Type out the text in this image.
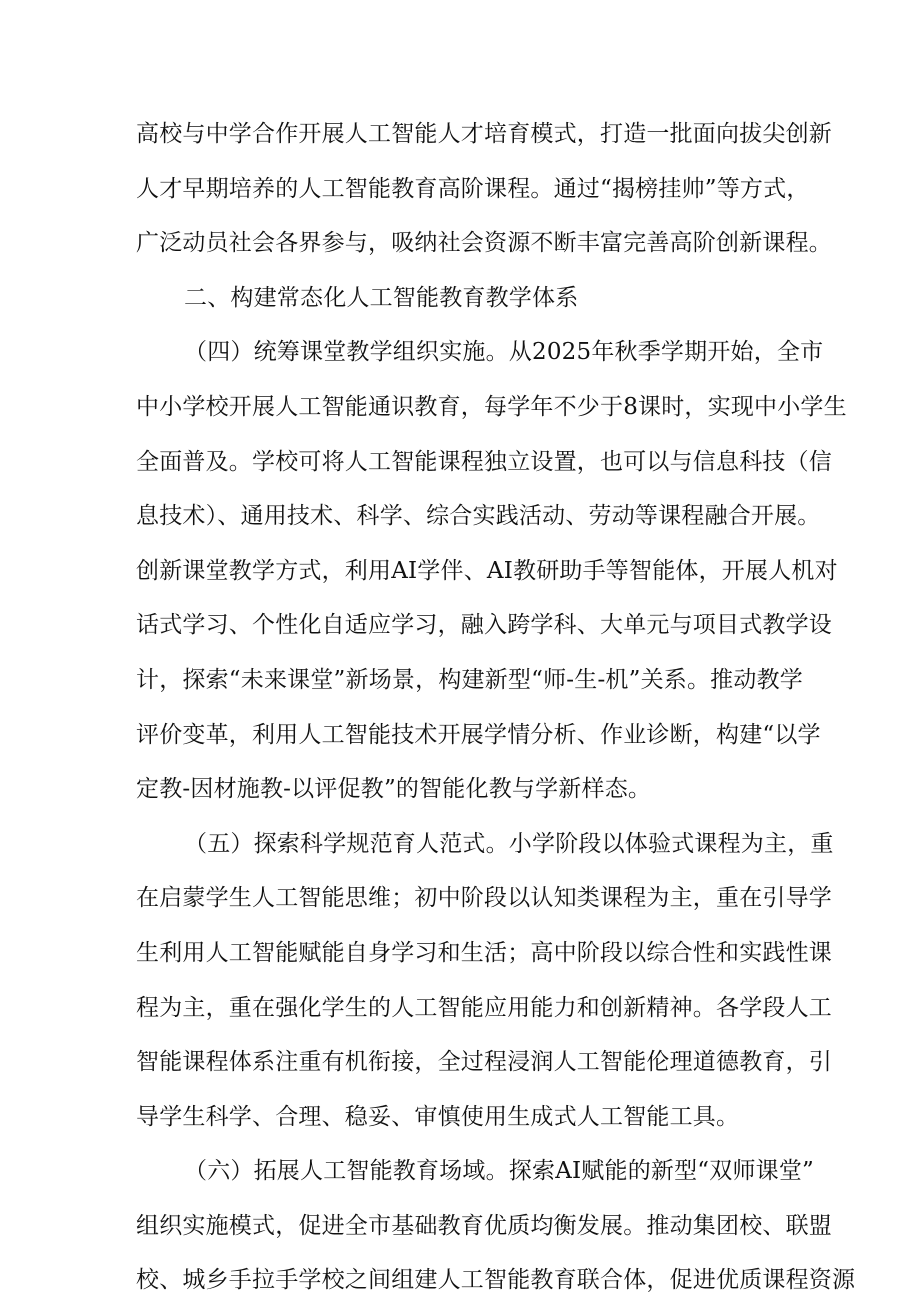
高校与中学合作开展人工智能人才培育模式，打造一批面向拔尖创新
人才早期培养的人工智能教育高阶课程。通过“揭榜挂帅”等方式，
广泛动员社会各界参与，吸纳社会资源不断丰富完善高阶创新课程。
二、构建常态化人工智能教育教学体系
（四）统筹课堂教学组织实施。从2025年秋季学期开始，全市
中小学校开展人工智能通识教育，每学年不少于8课时，实现中小学生
全面普及。学校可将人工智能课程独立设置，也可以与信息科技（信
息技术）、通用技术、科学、综合实践活动、劳动等课程融合开展。
创新课堂教学方式，利用AI学伴、AI教研助手等智能体，开展人机对
话式学习、个性化自适应学习，融入跨学科、大单元与项目式教学设
计，探索“未来课堂”新场景，构建新型“师-生-机”关系。推动教学
评价变革，利用人工智能技术开展学情分析、作业诊断，构建“以学
定教-因材施教-以评促教”的智能化教与学新样态。
（五）探索科学规范育人范式。小学阶段以体验式课程为主，重
在启蒙学生人工智能思维；初中阶段以认知类课程为主，重在引导学
生利用人工智能赋能自身学习和生活；高中阶段以综合性和实践性课
程为主，重在强化学生的人工智能应用能力和创新精神。各学段人工
智能课程体系注重有机衔接，全过程浸润人工智能伦理道德教育，引
导学生科学、合理、稳妥、审慎使用生成式人工智能工具。
（六）拓展人工智能教育场域。探索AI赋能的新型“双师课堂”
组织实施模式，促进全市基础教育优质均衡发展。推动集团校、联盟
校、城乡手拉手学校之间组建人工智能教育联合体，促进优质课程资源
